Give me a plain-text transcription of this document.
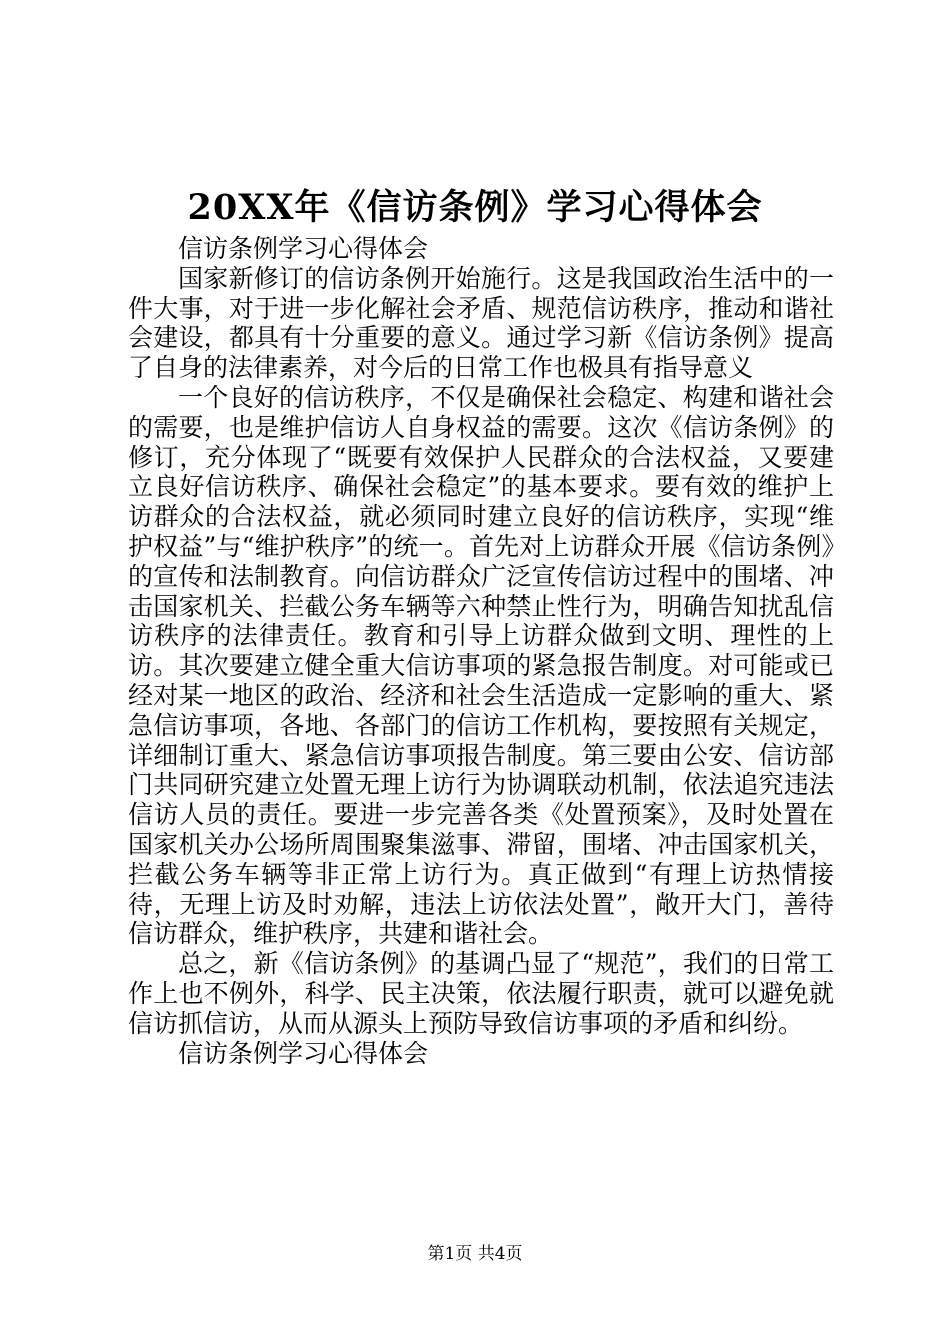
20XX年《信访条例》学习心得体会

信访条例学习心得体会

国家新修订的信访条例开始施行。这是我国政治生活中的一件大事，对于进一步化解社会矛盾、规范信访秩序，推动和谐社会建设，都具有十分重要的意义。通过学习新《信访条例》提高了自身的法律素养，对今后的日常工作也极具有指导意义

一个良好的信访秩序，不仅是确保社会稳定、构建和谐社会的需要，也是维护信访人自身权益的需要。这次《信访条例》的修订，充分体现了“既要有效保护人民群众的合法权益，又要建立良好信访秩序、确保社会稳定”的基本要求。要有效的维护上访群众的合法权益，就必须同时建立良好的信访秩序，实现“维护权益”与“维护秩序”的统一。首先对上访群众开展《信访条例》的宣传和法制教育。向信访群众广泛宣传信访过程中的围堵、冲击国家机关、拦截公务车辆等六种禁止性行为，明确告知扰乱信访秩序的法律责任。教育和引导上访群众做到文明、理性的上访。其次要建立健全重大信访事项的紧急报告制度。对可能或已经对某一地区的政治、经济和社会生活造成一定影响的重大、紧急信访事项，各地、各部门的信访工作机构，要按照有关规定，详细制订重大、紧急信访事项报告制度。第三要由公安、信访部门共同研究建立处置无理上访行为协调联动机制，依法追究违法信访人员的责任。要进一步完善各类《处置预案》，及时处置在国家机关办公场所周围聚集滋事、滞留，围堵、冲击国家机关，拦截公务车辆等非正常上访行为。真正做到“有理上访热情接待，无理上访及时劝解，违法上访依法处置”，敞开大门，善待信访群众，维护秩序，共建和谐社会。

总之，新《信访条例》的基调凸显了“规范”，我们的日常工作上也不例外，科学、民主决策，依法履行职责，就可以避免就信访抓信访，从而从源头上预防导致信访事项的矛盾和纠纷。

信访条例学习心得体会

第1页 共4页
